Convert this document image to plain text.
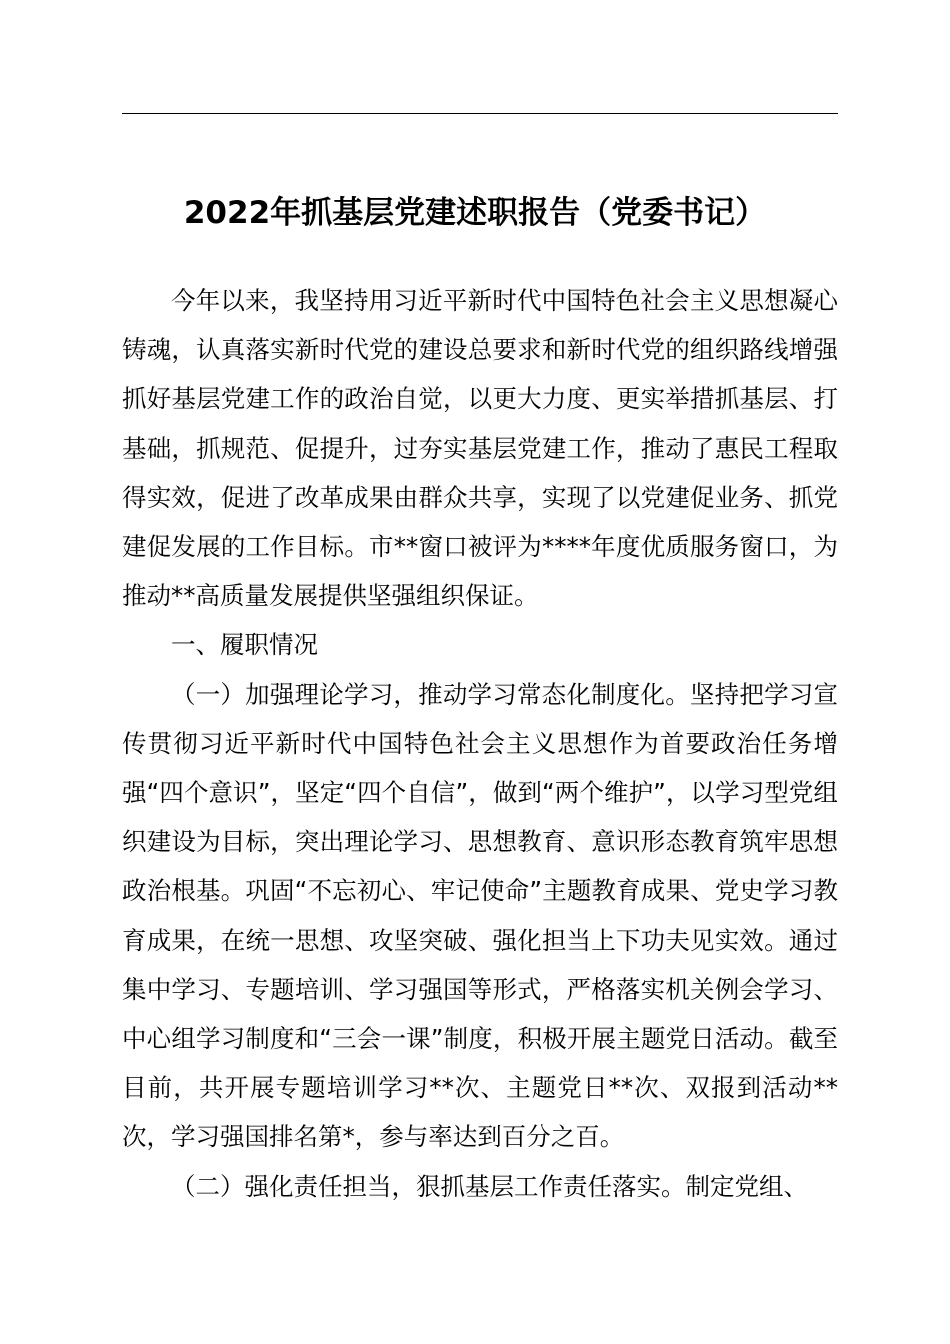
2022年抓基层党建述职报告（党委书记）

今年以来，我坚持用习近平新时代中国特色社会主义思想凝心铸魂，认真落实新时代党的建设总要求和新时代党的组织路线增强抓好基层党建工作的政治自觉，以更大力度、更实举措抓基层、打基础，抓规范、促提升，过夯实基层党建工作，推动了惠民工程取得实效，促进了改革成果由群众共享，实现了以党建促业务、抓党建促发展的工作目标。市**窗口被评为****年度优质服务窗口，为推动**高质量发展提供坚强组织保证。

一、履职情况

（一）加强理论学习，推动学习常态化制度化。坚持把学习宣传贯彻习近平新时代中国特色社会主义思想作为首要政治任务增强“四个意识”，坚定“四个自信”，做到“两个维护”，以学习型党组织建设为目标，突出理论学习、思想教育、意识形态教育筑牢思想政治根基。巩固“不忘初心、牢记使命”主题教育成果、党史学习教育成果，在统一思想、攻坚突破、强化担当上下功夫见实效。通过集中学习、专题培训、学习强国等形式，严格落实机关例会学习、中心组学习制度和“三会一课”制度，积极开展主题党日活动。截至目前，共开展专题培训学习**次、主题党日**次、双报到活动**次，学习强国排名第*，参与率达到百分之百。

（二）强化责任担当，狠抓基层工作责任落实。制定党组、
